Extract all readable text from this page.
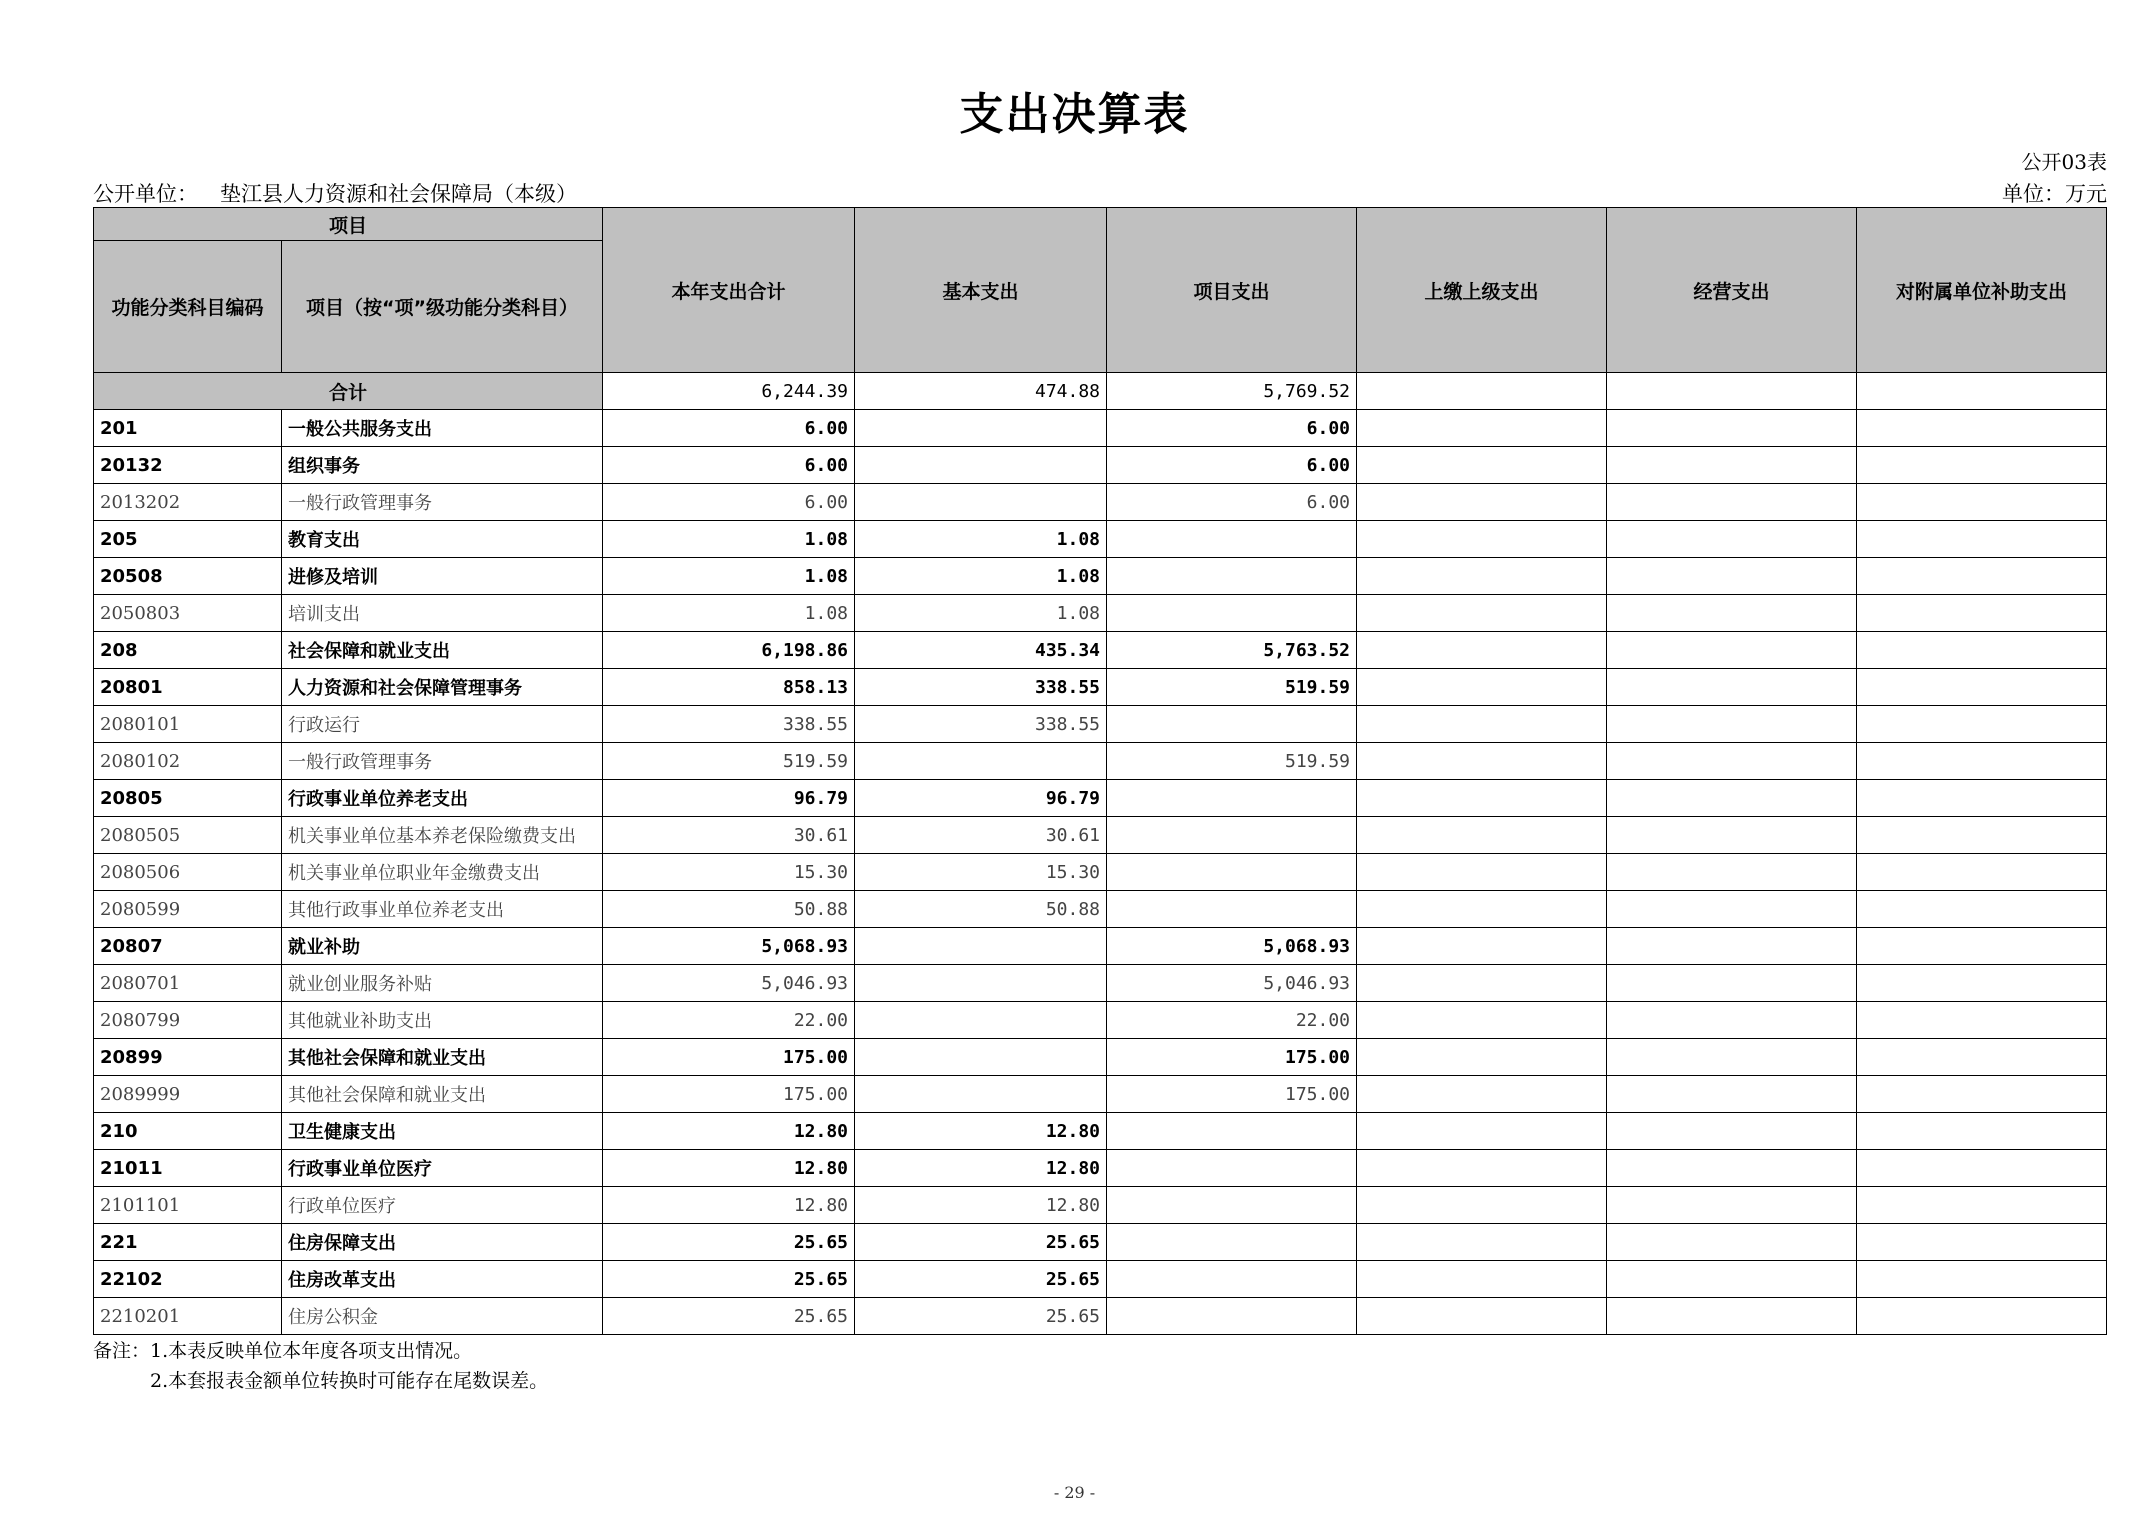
支出决算表
公开03表
公开单位： 垫江县人力资源和社会保障局（本级）	单位：万元
项目		本年支出合计	基本支出	项目支出	上缴上级支出	经营支出	对附属单位补助支出
功能分类科目编码	项目（按“项”级功能分类科目）						
合计		6,244.39	474.88	5,769.52			
201	一般公共服务支出	6.00		6.00			
20132	组织事务	6.00		6.00			
2013202	一般行政管理事务	6.00		6.00			
205	教育支出	1.08	1.08				
20508	进修及培训	1.08	1.08				
2050803	培训支出	1.08	1.08				
208	社会保障和就业支出	6,198.86	435.34	5,763.52			
20801	人力资源和社会保障管理事务	858.13	338.55	519.59			
2080101	行政运行	338.55	338.55				
2080102	一般行政管理事务	519.59		519.59			
20805	行政事业单位养老支出	96.79	96.79				
2080505	机关事业单位基本养老保险缴费支出	30.61	30.61				
2080506	机关事业单位职业年金缴费支出	15.30	15.30				
2080599	其他行政事业单位养老支出	50.88	50.88				
20807	就业补助	5,068.93		5,068.93			
2080701	就业创业服务补贴	5,046.93		5,046.93			
2080799	其他就业补助支出	22.00		22.00			
20899	其他社会保障和就业支出	175.00		175.00			
2089999	其他社会保障和就业支出	175.00		175.00			
210	卫生健康支出	12.80	12.80				
21011	行政事业单位医疗	12.80	12.80				
2101101	行政单位医疗	12.80	12.80				
221	住房保障支出	25.65	25.65				
22102	住房改革支出	25.65	25.65				
2210201	住房公积金	25.65	25.65				
备注：1.本表反映单位本年度各项支出情况。
2.本套报表金额单位转换时可能存在尾数误差。
- 29 -
